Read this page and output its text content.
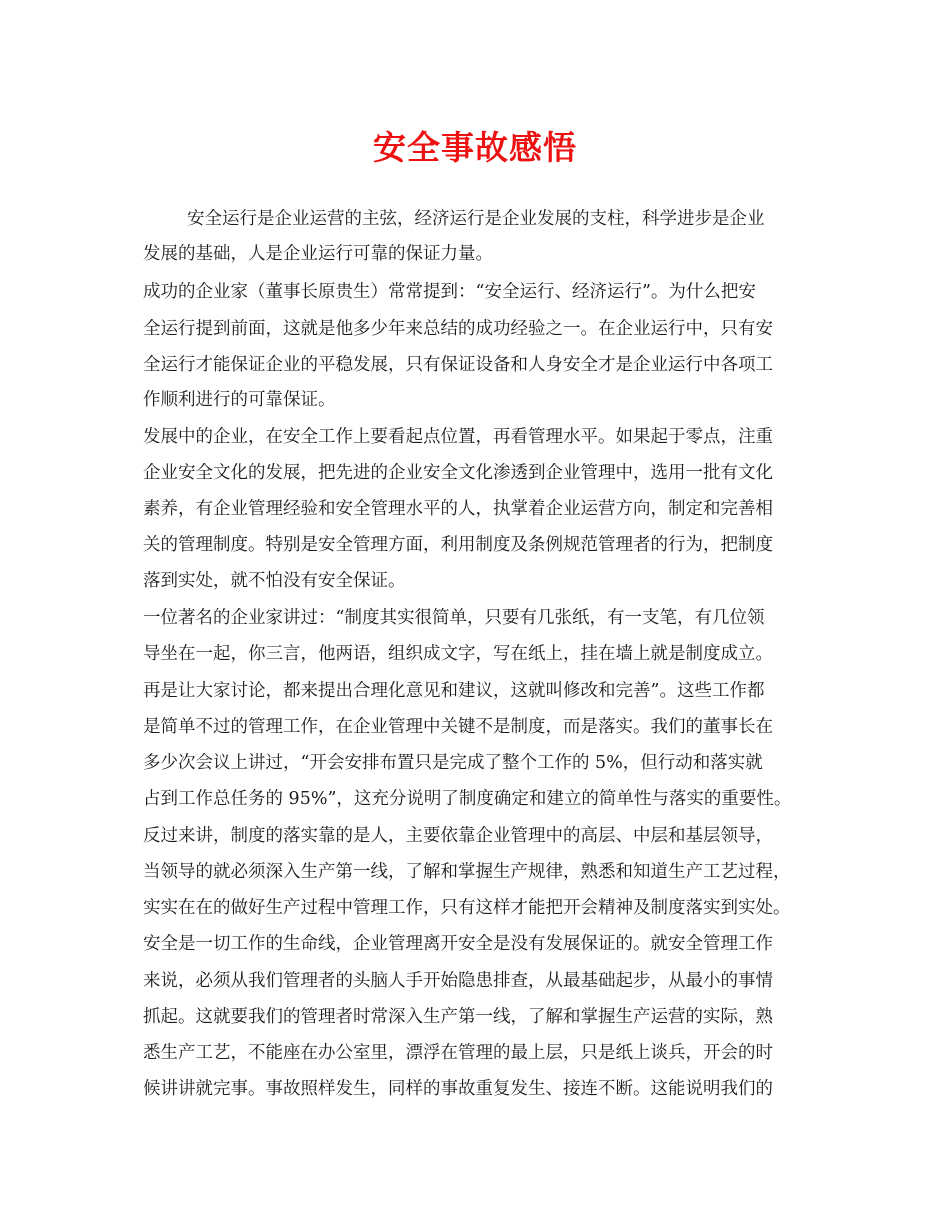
安全事故感悟
安全运行是企业运营的主弦，经济运行是企业发展的支柱，科学进步是企业
发展的基础，人是企业运行可靠的保证力量。
成功的企业家（董事长原贵生）常常提到：“安全运行、经济运行”。为什么把安
全运行提到前面，这就是他多少年来总结的成功经验之一。在企业运行中，只有安
全运行才能保证企业的平稳发展，只有保证设备和人身安全才是企业运行中各项工
作顺利进行的可靠保证。
发展中的企业，在安全工作上要看起点位置，再看管理水平。如果起于零点，注重
企业安全文化的发展，把先进的企业安全文化渗透到企业管理中，选用一批有文化
素养，有企业管理经验和安全管理水平的人，执掌着企业运营方向，制定和完善相
关的管理制度。特别是安全管理方面，利用制度及条例规范管理者的行为，把制度
落到实处，就不怕没有安全保证。
一位著名的企业家讲过：“制度其实很简单，只要有几张纸，有一支笔，有几位领
导坐在一起，你三言，他两语，组织成文字，写在纸上，挂在墙上就是制度成立。
再是让大家讨论，都来提出合理化意见和建议，这就叫修改和完善”。这些工作都
是简单不过的管理工作，在企业管理中关键不是制度，而是落实。我们的董事长在
多少次会议上讲过，“开会安排布置只是完成了整个工作的 5%，但行动和落实就
占到工作总任务的 95%”，这充分说明了制度确定和建立的简单性与落实的重要性。
反过来讲，制度的落实靠的是人，主要依靠企业管理中的高层、中层和基层领导，
当领导的就必须深入生产第一线，了解和掌握生产规律，熟悉和知道生产工艺过程，
实实在在的做好生产过程中管理工作，只有这样才能把开会精神及制度落实到实处。
安全是一切工作的生命线，企业管理离开安全是没有发展保证的。就安全管理工作
来说，必须从我们管理者的头脑人手开始隐患排查，从最基础起步，从最小的事情
抓起。这就要我们的管理者时常深入生产第一线，了解和掌握生产运营的实际，熟
悉生产工艺，不能座在办公室里，漂浮在管理的最上层，只是纸上谈兵，开会的时
候讲讲就完事。事故照样发生，同样的事故重复发生、接连不断。这能说明我们的
